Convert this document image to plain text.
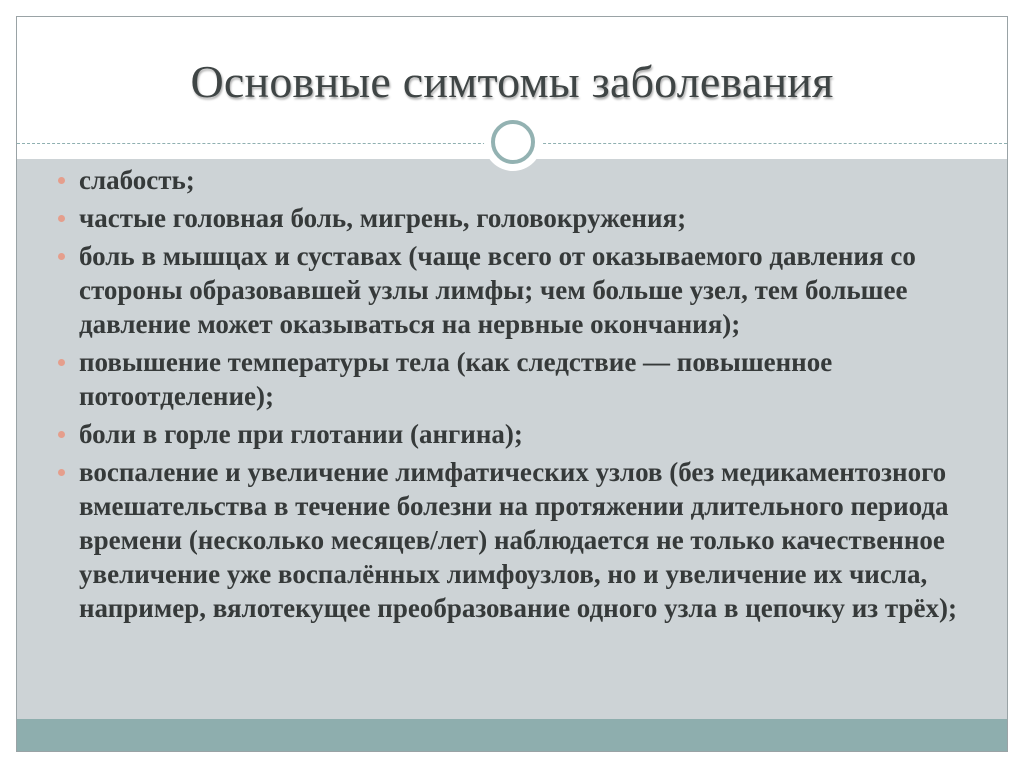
Основные симтомы заболевания
слабость;
частые головная боль, мигрень, головокружения;
боль в мышцах и суставах (чаще всего от оказываемого давления со стороны образовавшей узлы лимфы; чем больше узел, тем большее давление может оказываться на нервные окончания);
повышение температуры тела (как следствие — повышенное потоотделение);
боли в горле при глотании (ангина);
воспаление и увеличение лимфатических узлов (без медикаментозного вмешательства в течение болезни на протяжении длительного периода времени (несколько месяцев/лет) наблюдается не только качественное увеличение уже воспалённых лимфоузлов, но и увеличение их числа, например, вялотекущее преобразование одного узла в цепочку из трёх);
